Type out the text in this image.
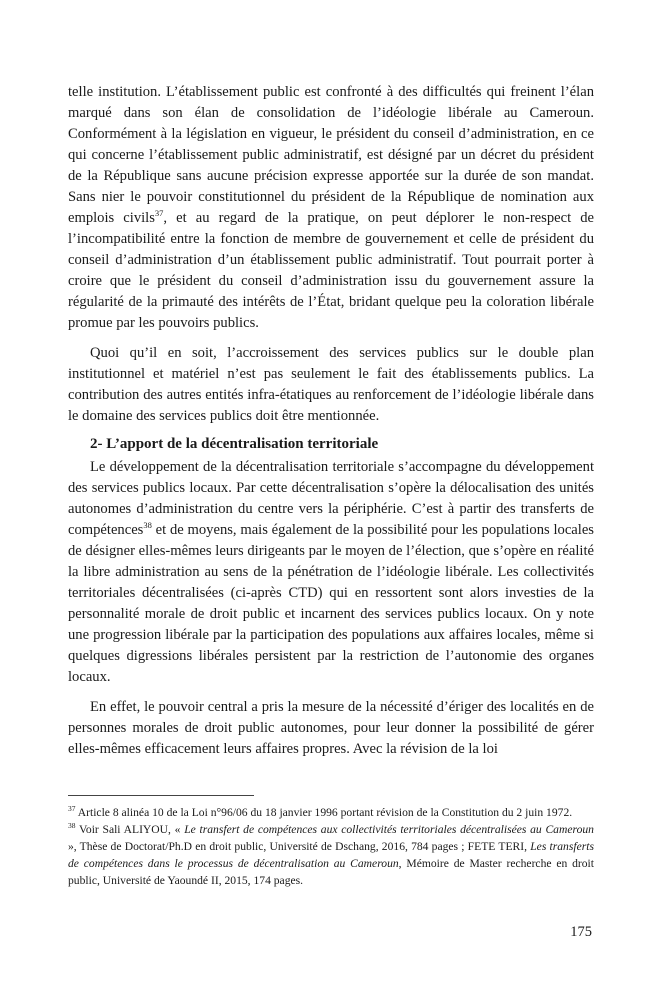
telle institution. L’établissement public est confronté à des difficultés qui freinent l’élan marqué dans son élan de consolidation de l’idéologie libérale au Cameroun. Conformément à la législation en vigueur, le président du conseil d’administration, en ce qui concerne l’établissement public administratif, est désigné par un décret du président de la République sans aucune précision expresse apportée sur la durée de son mandat. Sans nier le pouvoir constitutionnel du président de la République de nomination aux emplois civils$^{37}$, et au regard de la pratique, on peut déplorer le non-respect de l’incompatibilité entre la fonction de membre de gouvernement et celle de président du conseil d’administration d’un établissement public administratif. Tout pourrait porter à croire que le président du conseil d’administration issu du gouvernement assure la régularité de la primauté des intérêts de l’État, bridant quelque peu la coloration libérale promue par les pouvoirs publics.

Quoi qu’il en soit, l’accroissement des services publics sur le double plan institutionnel et matériel n’est pas seulement le fait des établissements publics. La contribution des autres entités infra-étatiques au renforcement de l’idéologie libérale dans le domaine des services publics doit être mentionnée.

2- L’apport de la décentralisation territoriale

Le développement de la décentralisation territoriale s’accompagne du développement des services publics locaux. Par cette décentralisation s’opère la délocalisation des unités autonomes d’administration du centre vers la périphérie. C’est à partir des transferts de compétences$^{38}$ et de moyens, mais également de la possibilité pour les populations locales de désigner elles-mêmes leurs dirigeants par le moyen de l’élection, que s’opère en réalité la libre administration au sens de la pénétration de l’idéologie libérale. Les collectivités territoriales décentralisées (ci-après CTD) qui en ressortent sont alors investies de la personnalité morale de droit public et incarnent des services publics locaux. On y note une progression libérale par la participation des populations aux affaires locales, même si quelques digressions libérales persistent par la restriction de l’autonomie des organes locaux.

En effet, le pouvoir central a pris la mesure de la nécessité d’ériger des localités en de personnes morales de droit public autonomes, pour leur donner la possibilité de gérer elles-mêmes efficacement leurs affaires propres. Avec la révision de la loi

$^{37}$ Article 8 alinéa 10 de la Loi n°96/06 du 18 janvier 1996 portant révision de la Constitution du 2 juin 1972.

$^{38}$ Voir Sali ALIYOU, « Le transfert de compétences aux collectivités territoriales décentralisées au Cameroun », Thèse de Doctorat/Ph.D en droit public, Université de Dschang, 2016, 784 pages ; FETE TERI, Les transferts de compétences dans le processus de décentralisation au Cameroun, Mémoire de Master recherche en droit public, Université de Yaoundé II, 2015, 174 pages.

175
